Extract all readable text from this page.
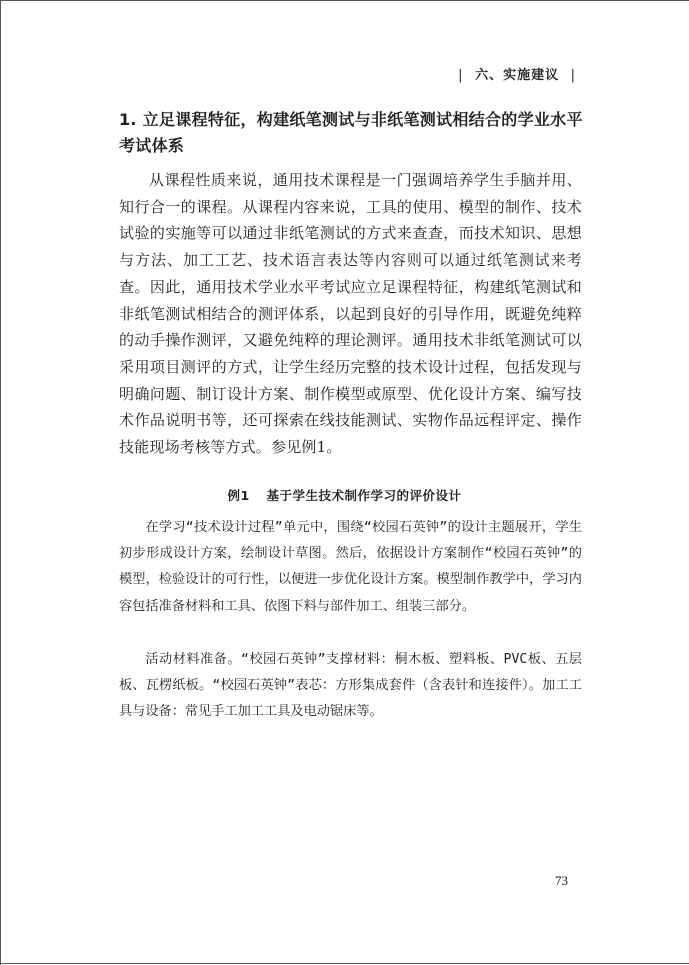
| 六、实施建议 |
1. 立足课程特征，构建纸笔测试与非纸笔测试相结合的学业水平考试体系
从课程性质来说，通用技术课程是一门强调培养学生手脑并用、知行合一的课程。从课程内容来说，工具的使用、模型的制作、技术试验的实施等可以通过非纸笔测试的方式来查查，而技术知识、思想与方法、加工工艺、技术语言表达等内容则可以通过纸笔测试来考查。因此，通用技术学业水平考试应立足课程特征，构建纸笔测试和非纸笔测试相结合的测评体系，以起到良好的引导作用，既避免纯粹的动手操作测评，又避免纯粹的理论测评。通用技术非纸笔测试可以采用项目测评的方式，让学生经历完整的技术设计过程，包括发现与明确问题、制订设计方案、制作模型或原型、优化设计方案、编写技术作品说明书等，还可探索在线技能测试、实物作品远程评定、操作技能现场考核等方式。参见例1。
例1 基于学生技术制作学习的评价设计
在学习“技术设计过程”单元中，围绕“校园石英钟”的设计主题展开，学生初步形成设计方案，绘制设计草图。然后，依据设计方案制作“校园石英钟”的模型，检验设计的可行性，以便进一步优化设计方案。模型制作教学中，学习内容包括准备材料和工具、依图下料与部件加工、组装三部分。
活动材料准备。“校园石英钟”支撑材料：桐木板、塑料板、PVC板、五层板、瓦楞纸板。“校园石英钟”表芯：方形集成套件（含表针和连接件）。加工工具与设备：常见手工加工工具及电动锯床等。
73
